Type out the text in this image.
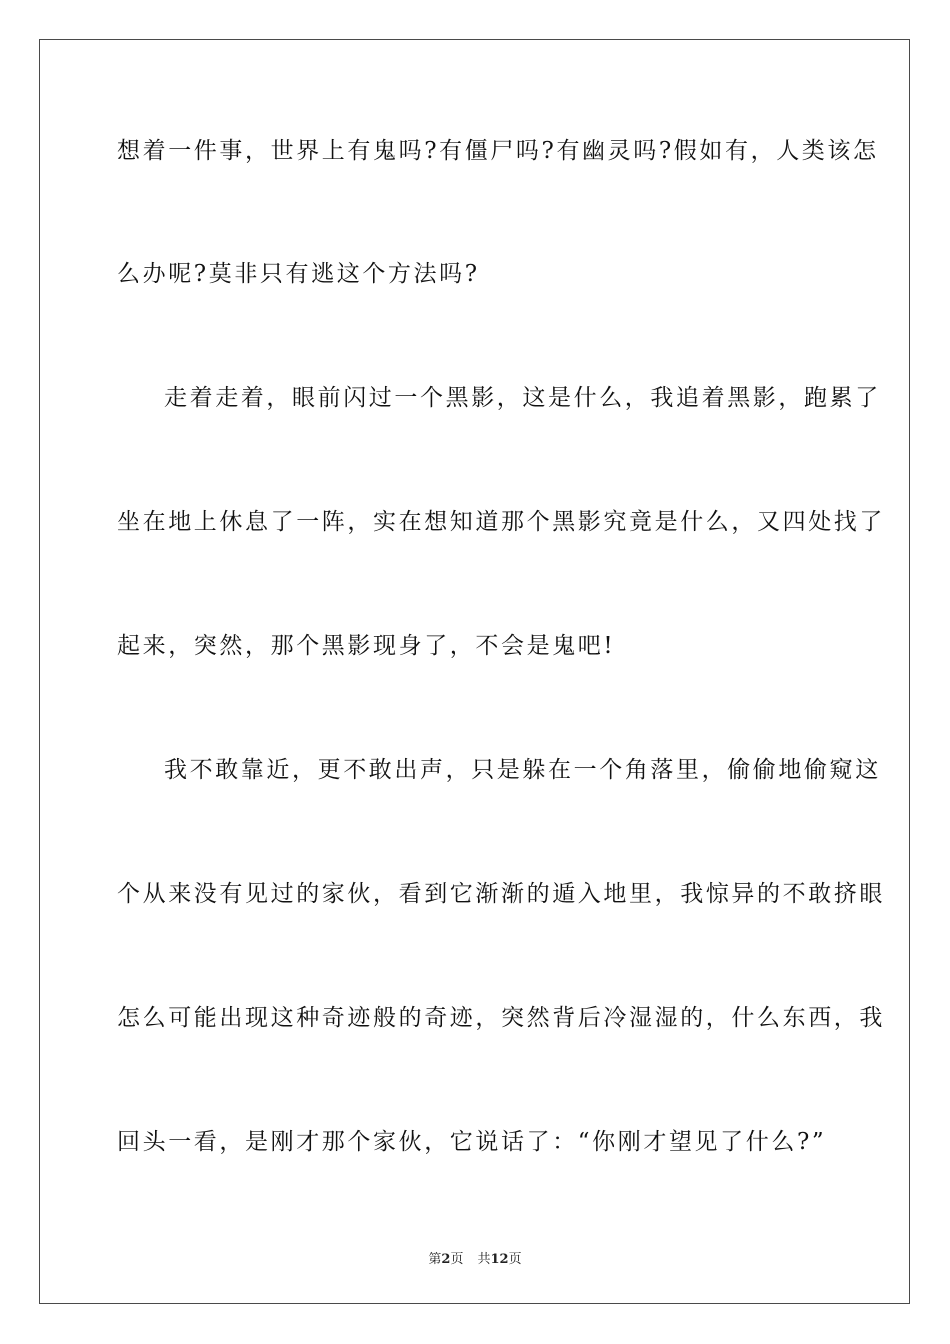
想着一件事，世界上有鬼吗?有僵尸吗?有幽灵吗?假如有，人类该怎
么办呢?莫非只有逃这个方法吗?
走着走着，眼前闪过一个黑影，这是什么，我追着黑影，跑累了
坐在地上休息了一阵，实在想知道那个黑影究竟是什么，又四处找了
起来，突然，那个黑影现身了，不会是鬼吧!
我不敢靠近，更不敢出声，只是躲在一个角落里，偷偷地偷窥这
个从来没有见过的家伙，看到它渐渐的遁入地里，我惊异的不敢挤眼
怎么可能出现这种奇迹般的奇迹，突然背后冷湿湿的，什么东西，我
回头一看，是刚才那个家伙，它说话了：“你刚才望见了什么?”
第2页 共12页
